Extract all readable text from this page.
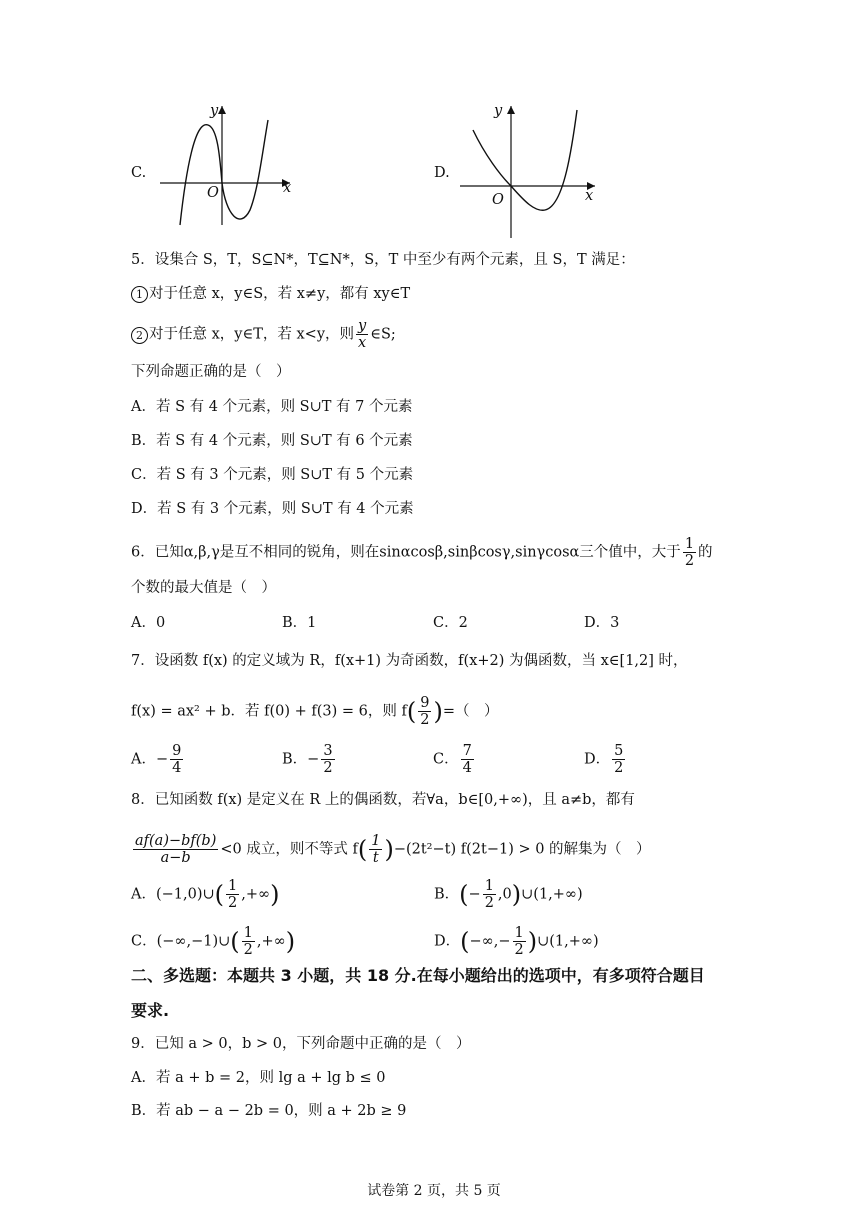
C.
y
x
O
D.
y
x
O
5．设集合 S，T，S⊆N*，T⊆N*，S，T 中至少有两个元素，且 S，T 满足：
1 对于任意 x，y∈S，若 x≠y，都有 xy∈T
2 对于任意 x，y∈T，若 x<y，则 $\frac{y}{x}$ ∈S;
下列命题正确的是（　）
A．若 S 有 4 个元素，则 S∪T 有 7 个元素
B．若 S 有 4 个元素，则 S∪T 有 6 个元素
C．若 S 有 3 个元素，则 S∪T 有 5 个元素
D．若 S 有 3 个元素，则 S∪T 有 4 个元素
6．已知α,β,γ是互不相同的锐角，则在sinαcosβ,sinβcosγ,sinγcosα三个值中，大于 $\frac{1}{2}$ 的
个数的最大值是（　）
A．0	B．1	C．2	D．3
7．设函数 f(x) 的定义域为 R，f(x+1) 为奇函数，f(x+2) 为偶函数，当 x∈[1,2] 时，
f(x) = ax² + b．若 f(0) + f(3) = 6，则 $f( \frac{9}{2}$ )=（　）
A．− $\frac{9}{4}$	B．− $\frac{3}{2}$	C． $\frac{7}{4}$	D． $\frac{5}{2}$
8．已知函数 f(x) 是定义在 R 上的偶函数，若∀a，b∈[0,+∞)，且 a≠b，都有
$\frac{af(a)-bf(b)}{a-b} <0$ 成立，则不等式 $f( \frac{1}{t} )-(2t^2-t)$ f(2t−1) > 0 的解集为（　）
A．(−1,0)∪( $\frac{1}{2}$ ,+∞)	B．(− $\frac{1}{2}$ ,0)∪(1,+∞)
C．(−∞,−1)∪( $\frac{1}{2}$ ,+∞)	D．(−∞,− $\frac{1}{2}$ )∪(1,+∞)
二、多选题：本题共 3 小题，共 18 分.在每小题给出的选项中，有多项符合题目
要求.
9．已知 a > 0，b > 0，下列命题中正确的是（　）
A．若 a + b = 2，则 lg a + lg b ≤ 0
B．若 ab − a − 2b = 0，则 a + 2b ≥ 9
试卷第 2 页，共 5 页
